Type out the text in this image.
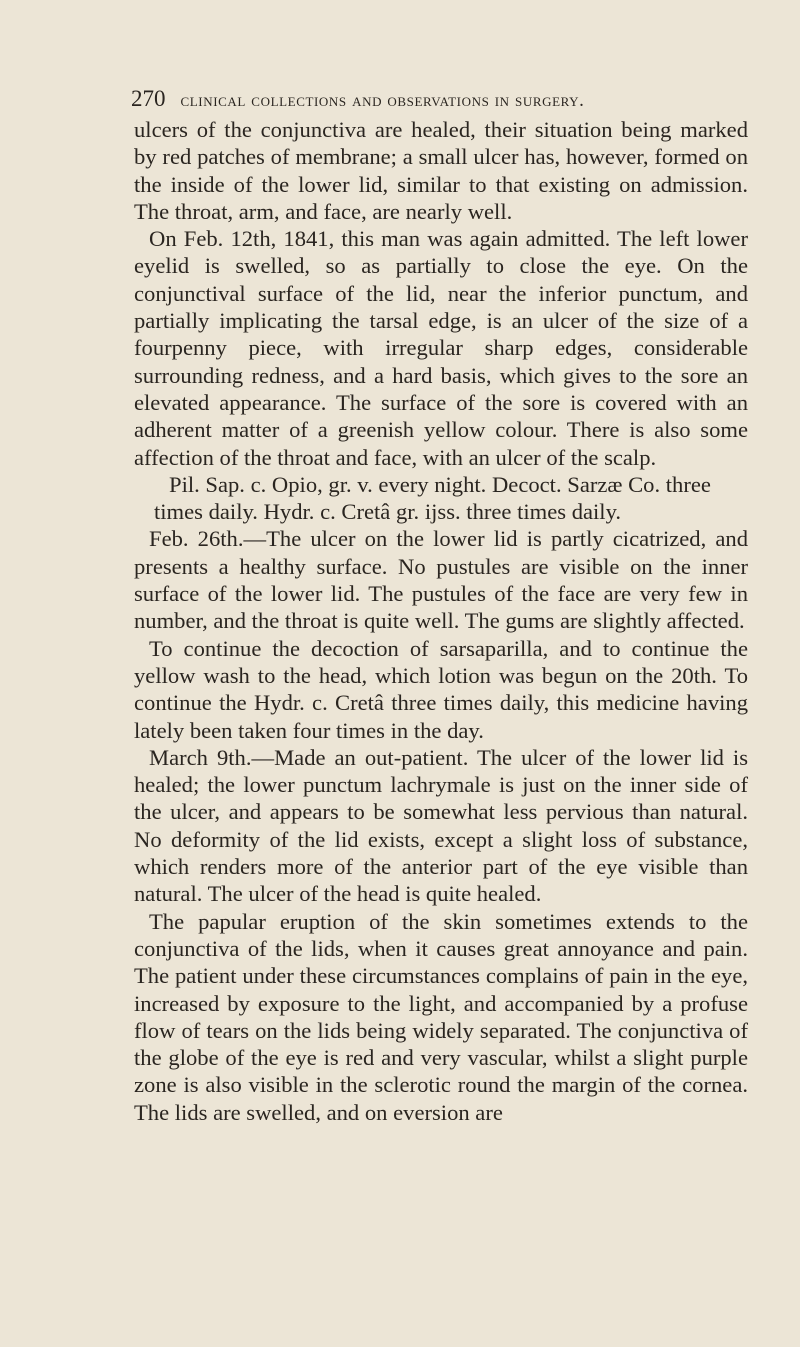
270 clinical collections and observations in surgery.

ulcers of the conjunctiva are healed, their situation being marked by red patches of membrane; a small ulcer has, however, formed on the inside of the lower lid, similar to that existing on admission. The throat, arm, and face, are nearly well.

On Feb. 12th, 1841, this man was again admitted. The left lower eyelid is swelled, so as partially to close the eye. On the conjunctival surface of the lid, near the inferior punctum, and partially implicating the tarsal edge, is an ulcer of the size of a fourpenny piece, with irregular sharp edges, considerable surrounding redness, and a hard basis, which gives to the sore an elevated appearance. The surface of the sore is covered with an adherent matter of a greenish yellow colour. There is also some affection of the throat and face, with an ulcer of the scalp.

Pil. Sap. c. Opio, gr. v. every night. Decoct. Sarzæ Co. three times daily. Hydr. c. Cretâ gr. ijss. three times daily.

Feb. 26th.—The ulcer on the lower lid is partly cicatrized, and presents a healthy surface. No pustules are visible on the inner surface of the lower lid. The pustules of the face are very few in number, and the throat is quite well. The gums are slightly affected.

To continue the decoction of sarsaparilla, and to continue the yellow wash to the head, which lotion was begun on the 20th. To continue the Hydr. c. Cretâ three times daily, this medicine having lately been taken four times in the day.

March 9th.—Made an out-patient. The ulcer of the lower lid is healed; the lower punctum lachrymale is just on the inner side of the ulcer, and appears to be somewhat less pervious than natural. No deformity of the lid exists, except a slight loss of substance, which renders more of the anterior part of the eye visible than natural. The ulcer of the head is quite healed.

The papular eruption of the skin sometimes extends to the conjunctiva of the lids, when it causes great annoyance and pain. The patient under these circumstances complains of pain in the eye, increased by exposure to the light, and accompanied by a profuse flow of tears on the lids being widely separated. The conjunctiva of the globe of the eye is red and very vascular, whilst a slight purple zone is also visible in the sclerotic round the margin of the cornea. The lids are swelled, and on eversion are
